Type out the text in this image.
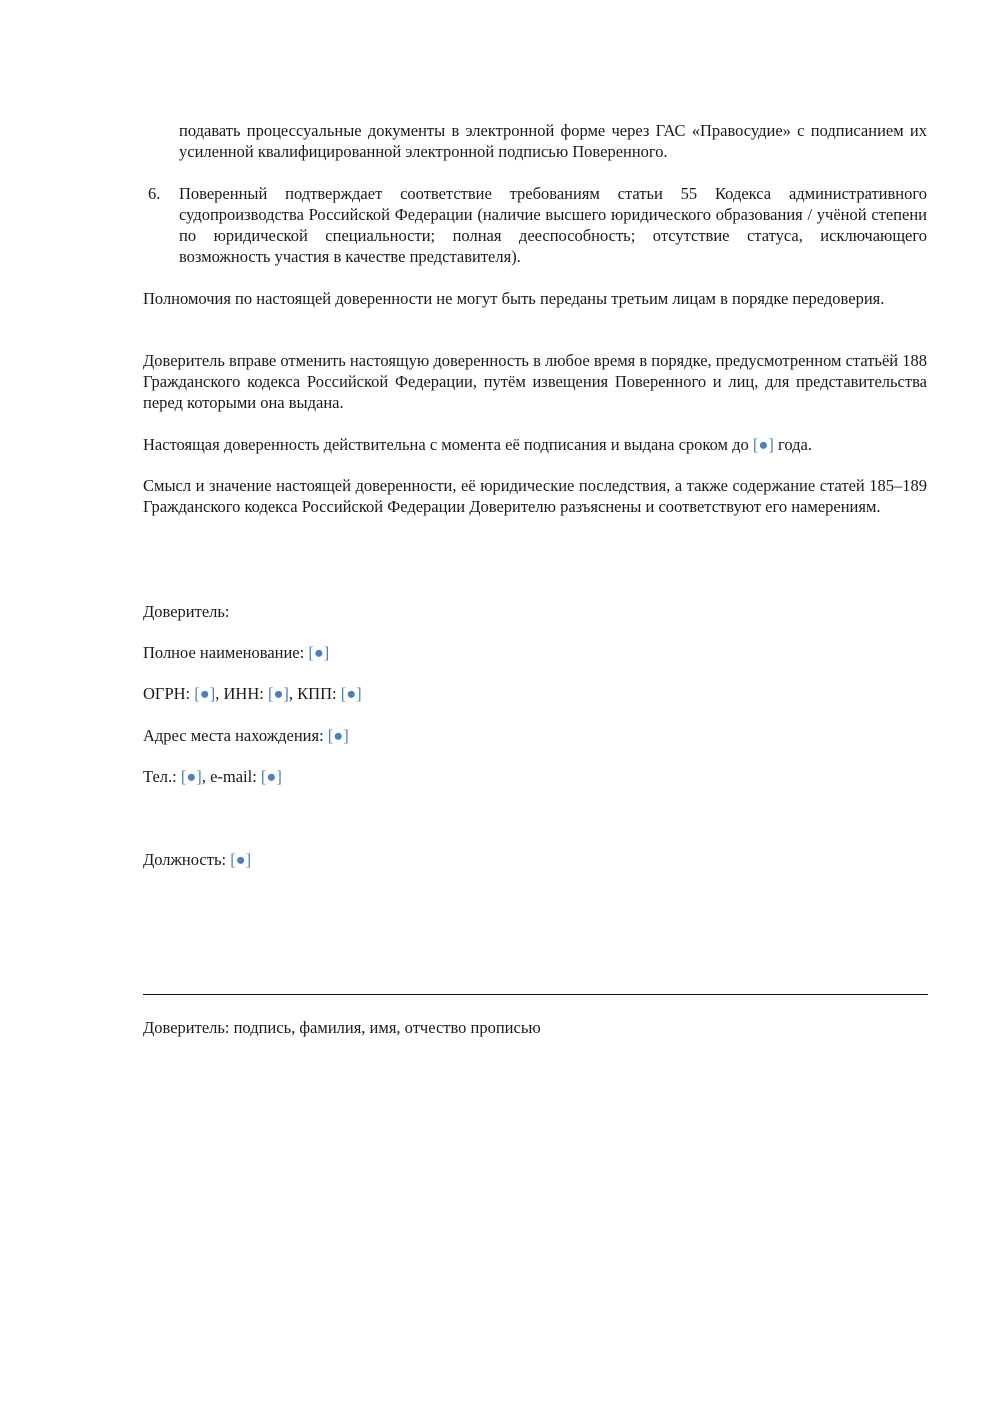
подавать процессуальные документы в электронной форме через ГАС «Правосудие» с подписанием их усиленной квалифицированной электронной подписью Поверенного.

6. Поверенный подтверждает соответствие требованиям статьи 55 Кодекса административного судопроизводства Российской Федерации (наличие высшего юридического образования / учёной степени по юридической специальности; полная дееспособность; отсутствие статуса, исключающего возможность участия в качестве представителя).

Полномочия по настоящей доверенности не могут быть переданы третьим лицам в порядке передоверия.

Доверитель вправе отменить настоящую доверенность в любое время в порядке, предусмотренном статьёй 188 Гражданского кодекса Российской Федерации, путём извещения Поверенного и лиц, для представительства перед которыми она выдана.

Настоящая доверенность действительна с момента её подписания и выдана сроком до [●] года.

Смысл и значение настоящей доверенности, её юридические последствия, а также содержание статей 185–189 Гражданского кодекса Российской Федерации Доверителю разъяснены и соответствуют его намерениям.

Доверитель:

Полное наименование: [●]

ОГРН: [●], ИНН: [●], КПП: [●]

Адрес места нахождения: [●]

Тел.: [●], e-mail: [●]

Должность: [●]

Доверитель: подпись, фамилия, имя, отчество прописью
